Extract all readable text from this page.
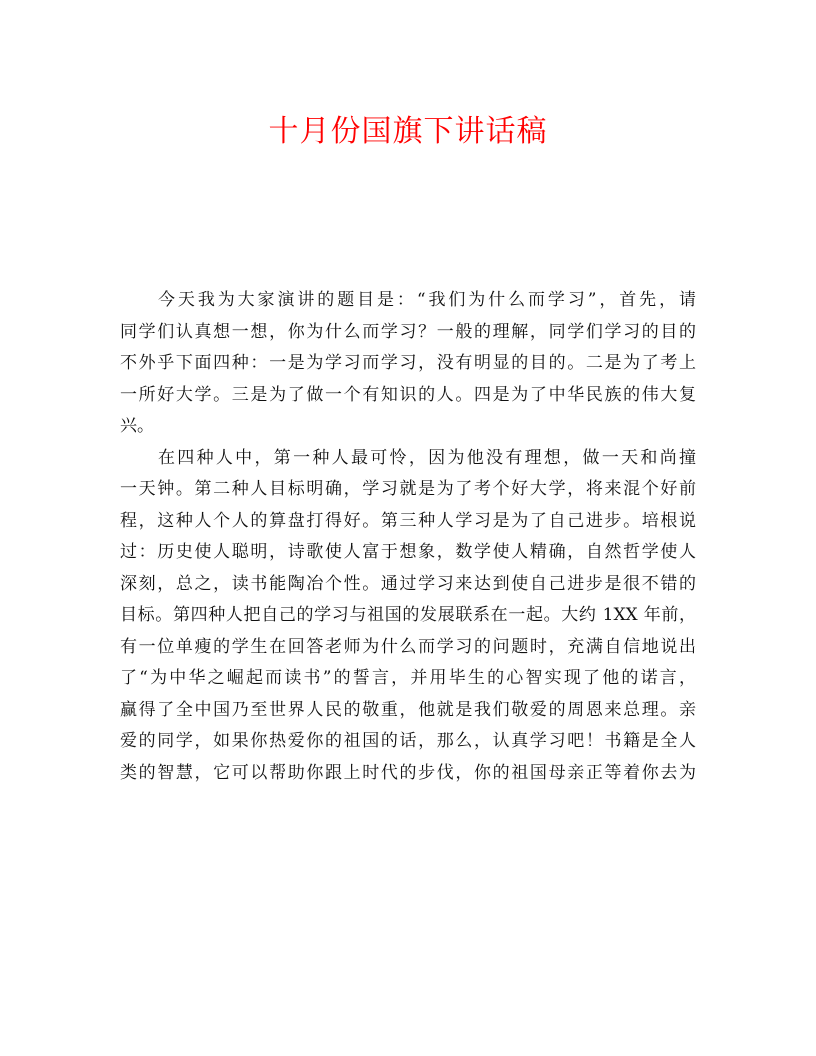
十月份国旗下讲话稿
今天我为大家演讲的题目是：“我们为什么而学习”，首先，请
同学们认真想一想，你为什么而学习？一般的理解，同学们学习的目的
不外乎下面四种：一是为学习而学习，没有明显的目的。二是为了考上
一所好大学。三是为了做一个有知识的人。四是为了中华民族的伟大复
兴。
在四种人中，第一种人最可怜，因为他没有理想，做一天和尚撞
一天钟。第二种人目标明确，学习就是为了考个好大学，将来混个好前
程，这种人个人的算盘打得好。第三种人学习是为了自己进步。培根说
过：历史使人聪明，诗歌使人富于想象，数学使人精确，自然哲学使人
深刻，总之，读书能陶冶个性。通过学习来达到使自己进步是很不错的
目标。第四种人把自己的学习与祖国的发展联系在一起。大约 1XX 年前，
有一位单瘦的学生在回答老师为什么而学习的问题时，充满自信地说出
了“为中华之崛起而读书”的誓言，并用毕生的心智实现了他的诺言，
赢得了全中国乃至世界人民的敬重，他就是我们敬爱的周恩来总理。亲
爱的同学，如果你热爱你的祖国的话，那么，认真学习吧！书籍是全人
类的智慧，它可以帮助你跟上时代的步伐，你的祖国母亲正等着你去为
